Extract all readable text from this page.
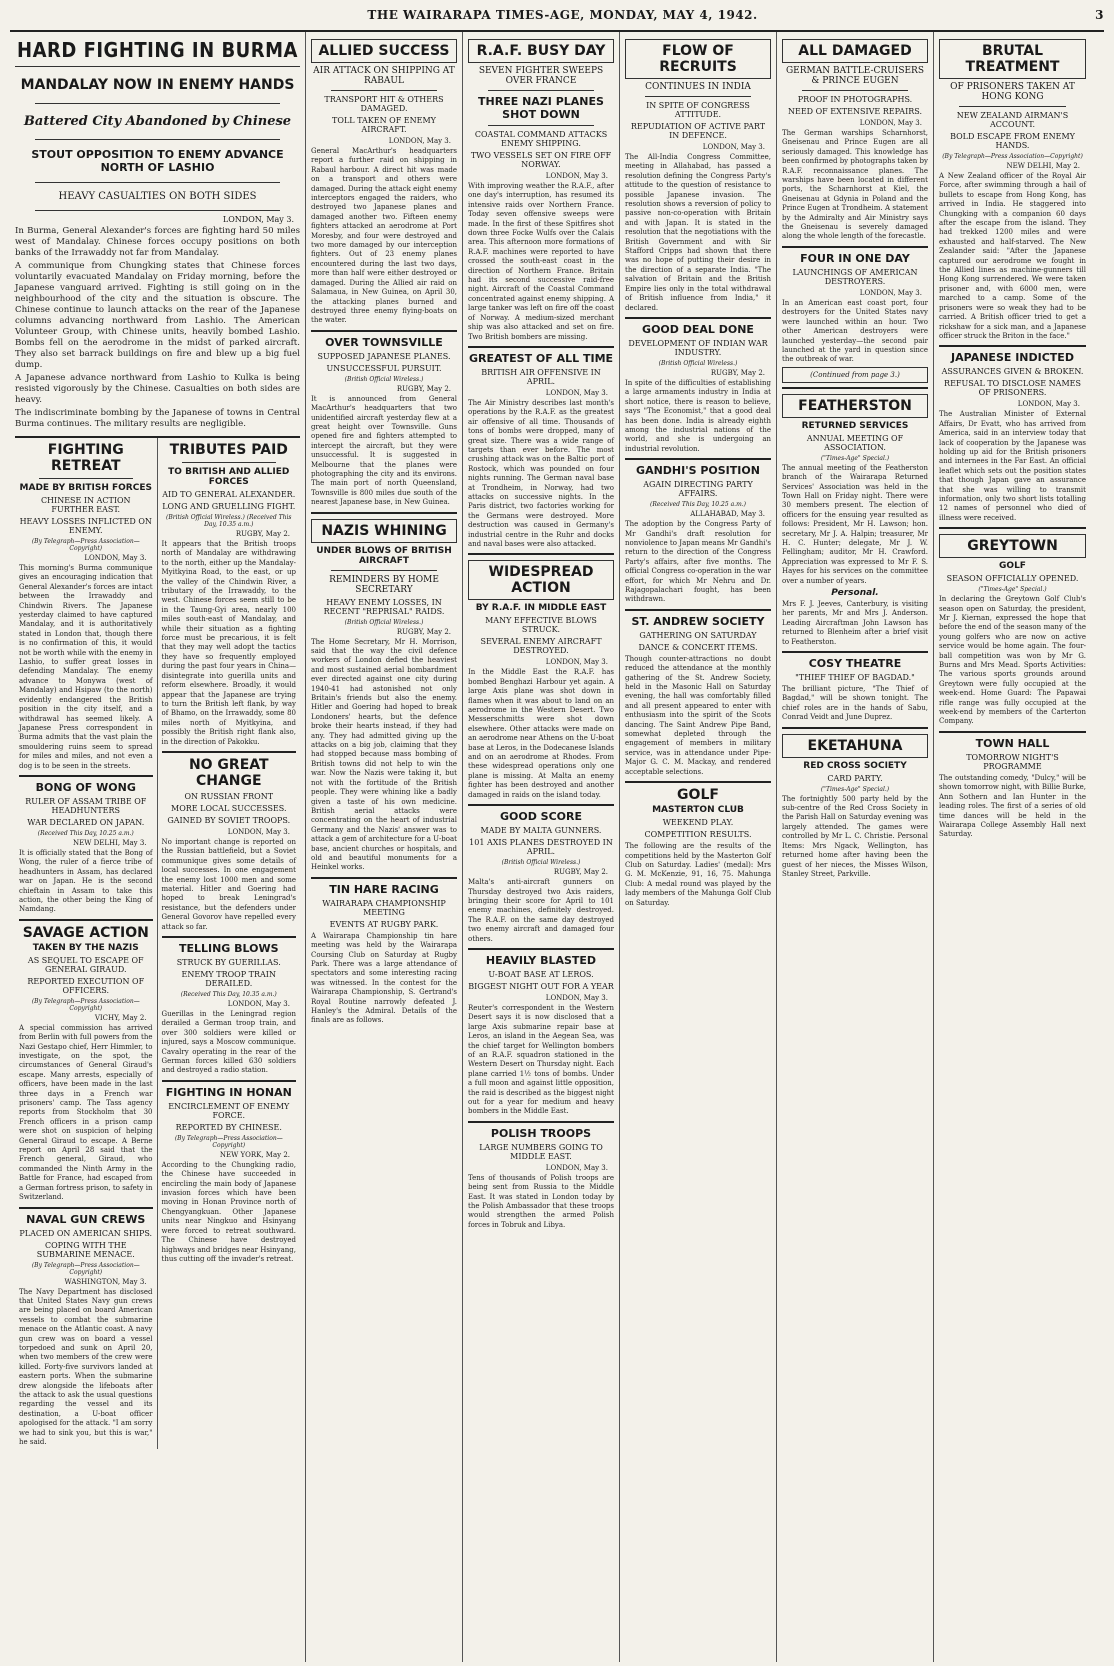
THE WAIRARAPA TIMES-AGE, MONDAY, MAY 4, 1942.	3
HARD FIGHTING IN BURMA
MANDALAY NOW IN ENEMY HANDS
Battered City Abandoned by Chinese
STOUT OPPOSITION TO ENEMY ADVANCE NORTH OF LASHIO
HEAVY CASUALTIES ON BOTH SIDES
LONDON, May 3.

In Burma, General Alexander's forces are fighting hard 50 miles west of Mandalay. Chinese forces occupy positions on both banks of the Irrawaddy not far from Mandalay.

A communique from Chungking states that Chinese forces voluntarily evacuated Mandalay on Friday morning, before the Japanese vanguard arrived. Fighting is still going on in the neighbourhood of the city and the situation is obscure. The Chinese continue to launch attacks on the rear of the Japanese columns advancing northward from Lashio. The American Volunteer Group, with Chinese units, heavily bombed Lashio. Bombs fell on the aerodrome in the midst of parked aircraft. They also set barrack buildings on fire and blew up a big fuel dump.

A Japanese advance northward from Lashio to Kulka is being resisted vigorously by the Chinese. Casualties on both sides are heavy.

The indiscriminate bombing by the Japanese of towns in Central Burma continues. The military results are negligible.

FIGHTING RETREAT
MADE BY BRITISH FORCES
CHINESE IN ACTION FURTHER EAST.
HEAVY LOSSES INFLICTED ON ENEMY.
(By Telegraph—Press Association—Copyright)
LONDON, May 3.

This morning's Burma communique gives an encouraging indication that General Alexander's forces are intact between the Irrawaddy and Chindwin Rivers. The Japanese yesterday claimed to have captured Mandalay, and it is authoritatively stated in London that, though there is no confirmation of this, it would not be worth while with the enemy in Lashio, to suffer great losses in defending Mandalay. The enemy advance to Monywa (west of Mandalay) and Hsipaw (to the north) evidently endangered the British position in the city itself, and a withdrawal has seemed likely. A Japanese Press correspondent in Burma admits that the vast plain the smouldering ruins seem to spread for miles and miles, and not even a dog is to be seen in the streets.

BONG OF WONG
RULER OF ASSAM TRIBE OF HEADHUNTERS
WAR DECLARED ON JAPAN.
(Received This Day, 10.25 a.m.)
NEW DELHI, May 3.

It is officially stated that the Bong of Wong, the ruler of a fierce tribe of headhunters in Assam, has declared war on Japan. He is the second chieftain in Assam to take this action, the other being the King of Namdang.

SAVAGE ACTION
TAKEN BY THE NAZIS
AS SEQUEL TO ESCAPE OF GENERAL GIRAUD.
REPORTED EXECUTION OF OFFICERS.
(By Telegraph—Press Association—Copyright)
VICHY, May 2.

A special commission has arrived from Berlin with full powers from the Nazi Gestapo chief, Herr Himmler, to investigate, on the spot, the circumstances of General Giraud's escape. Many arrests, especially of officers, have been made in the last three days in a French war prisoners' camp. The Tass agency reports from Stockholm that 30 French officers in a prison camp were shot on suspicion of helping General Giraud to escape. A Berne report on April 28 said that the French general, Giraud, who commanded the Ninth Army in the Battle for France, had escaped from a German fortress prison, to safety in Switzerland.

NAVAL GUN CREWS
PLACED ON AMERICAN SHIPS.
COPING WITH THE SUBMARINE MENACE.
(By Telegraph—Press Association—Copyright)
WASHINGTON, May 3.

The Navy Department has disclosed that United States Navy gun crews are being placed on board American vessels to combat the submarine menace on the Atlantic coast. A navy gun crew was on board a vessel torpedoed and sunk on April 20, when two members of the crew were killed. Forty-five survivors landed at eastern ports. When the submarine drew alongside the lifeboats after the attack to ask the usual questions regarding the vessel and its destination, a U-boat officer apologised for the attack. "I am sorry we had to sink you, but this is war," he said.

TRIBUTES PAID
TO BRITISH AND ALLIED FORCES
AID TO GENERAL ALEXANDER.
LONG AND GRUELLING FIGHT.
(British Official Wireless.) (Received This Day, 10.35 a.m.)
RUGBY, May 2.

It appears that the British troops north of Mandalay are withdrawing to the north, either up the Mandalay-Myitkyina Road, to the east, or up the valley of the Chindwin River, a tributary of the Irrawaddy, to the west. Chinese forces seem still to be in the Taung-Gyi area, nearly 100 miles south-east of Mandalay, and while their situation as a fighting force must be precarious, it is felt that they may well adopt the tactics they have so frequently employed during the past four years in China—disintegrate into guerilla units and reform elsewhere. Broadly, it would appear that the Japanese are trying to turn the British left flank, by way of Bhamo, on the Irrawaddy, some 80 miles north of Myitkyina, and possibly the British right flank also, in the direction of Pakokku.

NO GREAT CHANGE
ON RUSSIAN FRONT
MORE LOCAL SUCCESSES.
GAINED BY SOVIET TROOPS.
LONDON, May 3.

No important change is reported on the Russian battlefield, but a Soviet communique gives some details of local successes. In one engagement the enemy lost 1000 men and some material. Hitler and Goering had hoped to break Leningrad's resistance, but the defenders under General Govorov have repelled every attack so far.

TELLING BLOWS
STRUCK BY GUERILLAS.
ENEMY TROOP TRAIN DERAILED.
(Received This Day, 10.35 a.m.)
LONDON, May 3.

Guerillas in the Leningrad region derailed a German troop train, and over 300 soldiers were killed or injured, says a Moscow communique. Cavalry operating in the rear of the German forces killed 630 soldiers and destroyed a radio station.

FIGHTING IN HONAN
ENCIRCLEMENT OF ENEMY FORCE.
REPORTED BY CHINESE.
(By Telegraph—Press Association—Copyright)
NEW YORK, May 2.

According to the Chungking radio, the Chinese have succeeded in encircling the main body of Japanese invasion forces which have been moving in Honan Province north of Chengyangkuan. Other Japanese units near Ningkuo and Hsinyang were forced to retreat southward. The Chinese have destroyed highways and bridges near Hsinyang, thus cutting off the invader's retreat.

ALLIED SUCCESS
AIR ATTACK ON SHIPPING AT RABAUL
TRANSPORT HIT & OTHERS DAMAGED.
TOLL TAKEN OF ENEMY AIRCRAFT.
LONDON, May 3.

General MacArthur's headquarters report a further raid on shipping in Rabaul harbour. A direct hit was made on a transport and others were damaged. During the attack eight enemy interceptors engaged the raiders, who destroyed two Japanese planes and damaged another two. Fifteen enemy fighters attacked an aerodrome at Port Moresby, and four were destroyed and two more damaged by our interception fighters. Out of 23 enemy planes encountered during the last two days, more than half were either destroyed or damaged. During the Allied air raid on Salamaua, in New Guinea, on April 30, the attacking planes burned and destroyed three enemy flying-boats on the water.

OVER TOWNSVILLE
SUPPOSED JAPANESE PLANES.
UNSUCCESSFUL PURSUIT.
(British Official Wireless.)
RUGBY, May 2.

It is announced from General MacArthur's headquarters that two unidentified aircraft yesterday flew at a great height over Townsville. Guns opened fire and fighters attempted to intercept the aircraft, but they were unsuccessful. It is suggested in Melbourne that the planes were photographing the city and its environs. The main port of north Queensland, Townsville is 800 miles due south of the nearest Japanese base, in New Guinea.

NAZIS WHINING
UNDER BLOWS OF BRITISH AIRCRAFT
REMINDERS BY HOME SECRETARY
HEAVY ENEMY LOSSES, IN RECENT "REPRISAL" RAIDS.
(British Official Wireless.)
RUGBY, May 2.

The Home Secretary, Mr H. Morrison, said that the way the civil defence workers of London defied the heaviest and most sustained aerial bombardment ever directed against one city during 1940-41 had astonished not only Britain's friends but also the enemy. Hitler and Goering had hoped to break Londoners' hearts, but the defence broke their hearts instead, if they had any. They had admitted giving up the attacks on a big job, claiming that they had stopped because mass bombing of British towns did not help to win the war. Now the Nazis were taking it, but not with the fortitude of the British people. They were whining like a badly given a taste of his own medicine. British aerial attacks were concentrating on the heart of industrial Germany and the Nazis' answer was to attack a gem of architecture for a U-boat base, ancient churches or hospitals, and old and beautiful monuments for a Heinkel works.

TIN HARE RACING
WAIRARAPA CHAMPIONSHIP MEETING
EVENTS AT RUGBY PARK.

A Wairarapa Championship tin hare meeting was held by the Wairarapa Coursing Club on Saturday at Rugby Park. There was a large attendance of spectators and some interesting racing was witnessed. In the contest for the Wairarapa Championship, S. Gertrand's Royal Routine narrowly defeated J. Hanley's the Admiral. Details of the finals are as follows.

R.A.F. BUSY DAY
SEVEN FIGHTER SWEEPS OVER FRANCE
THREE NAZI PLANES SHOT DOWN
COASTAL COMMAND ATTACKS ENEMY SHIPPING.
TWO VESSELS SET ON FIRE OFF NORWAY.
LONDON, May 3.

With improving weather the R.A.F., after one day's interruption, has resumed its intensive raids over Northern France. Today seven offensive sweeps were made. In the first of these Spitfires shot down three Focke Wulfs over the Calais area. This afternoon more formations of R.A.F. machines were reported to have crossed the south-east coast in the direction of Northern France. Britain had its second successive raid-free night. Aircraft of the Coastal Command concentrated against enemy shipping. A large tanker was left on fire off the coast of Norway. A medium-sized merchant ship was also attacked and set on fire. Two British bombers are missing.

GREATEST OF ALL TIME
BRITISH AIR OFFENSIVE IN APRIL.
LONDON, May 3.

The Air Ministry describes last month's operations by the R.A.F. as the greatest air offensive of all time. Thousands of tons of bombs were dropped, many of great size. There was a wide range of targets than ever before. The most crushing attack was on the Baltic port of Rostock, which was pounded on four nights running. The German naval base at Trondheim, in Norway, had two attacks on successive nights. In the Paris district, two factories working for the Germans were destroyed. More destruction was caused in Germany's industrial centre in the Ruhr and docks and naval bases were also attacked.

WIDESPREAD ACTION
BY R.A.F. IN MIDDLE EAST
MANY EFFECTIVE BLOWS STRUCK.
SEVERAL ENEMY AIRCRAFT DESTROYED.
LONDON, May 3.

In the Middle East the R.A.F. has bombed Benghazi Harbour yet again. A large Axis plane was shot down in flames when it was about to land on an aerodrome in the Western Desert. Two Messerschmitts were shot down elsewhere. Other attacks were made on an aerodrome near Athens on the U-boat base at Leros, in the Dodecanese Islands and on an aerodrome at Rhodes. From these widespread operations only one plane is missing. At Malta an enemy fighter has been destroyed and another damaged in raids on the island today.

GOOD SCORE
MADE BY MALTA GUNNERS.
101 AXIS PLANES DESTROYED IN APRIL.
(British Official Wireless.)
RUGBY, May 2.

Malta's anti-aircraft gunners on Thursday destroyed two Axis raiders, bringing their score for April to 101 enemy machines, definitely destroyed. The R.A.F. on the same day destroyed two enemy aircraft and damaged four others.

HEAVILY BLASTED
U-BOAT BASE AT LEROS.
BIGGEST NIGHT OUT FOR A YEAR
LONDON, May 3.

Reuter's correspondent in the Western Desert says it is now disclosed that a large Axis submarine repair base at Leros, an island in the Aegean Sea, was the chief target for Wellington bombers of an R.A.F. squadron stationed in the Western Desert on Thursday night. Each plane carried 1½ tons of bombs. Under a full moon and against little opposition, the raid is described as the biggest night out for a year for medium and heavy bombers in the Middle East.

POLISH TROOPS
LARGE NUMBERS GOING TO MIDDLE EAST.
LONDON, May 3.

Tens of thousands of Polish troops are being sent from Russia to the Middle East. It was stated in London today by the Polish Ambassador that these troops would strengthen the armed Polish forces in Tobruk and Libya.

FLOW OF RECRUITS
CONTINUES IN INDIA
IN SPITE OF CONGRESS ATTITUDE.
REPUDIATION OF ACTIVE PART IN DEFENCE.
LONDON, May 3.

The All-India Congress Committee, meeting in Allahabad, has passed a resolution defining the Congress Party's attitude to the question of resistance to possible Japanese invasion. The resolution shows a reversion of policy to passive non-co-operation with Britain and with Japan. It is stated in the resolution that the negotiations with the British Government and with Sir Stafford Cripps had shown that there was no hope of putting their desire in the direction of a separate India. "The salvation of Britain and the British Empire lies only in the total withdrawal of British influence from India," it declared.

GOOD DEAL DONE
DEVELOPMENT OF INDIAN WAR INDUSTRY.
(British Official Wireless.)
RUGBY, May 2.

In spite of the difficulties of establishing a large armaments industry in India at short notice, there is reason to believe, says "The Economist," that a good deal has been done. India is already eighth among the industrial nations of the world, and she is undergoing an industrial revolution.

GANDHI'S POSITION
AGAIN DIRECTING PARTY AFFAIRS.
(Received This Day, 10.25 a.m.)
ALLAHABAD, May 3.

The adoption by the Congress Party of Mr Gandhi's draft resolution for nonviolence to Japan means Mr Gandhi's return to the direction of the Congress Party's affairs, after five months. The official Congress co-operation in the war effort, for which Mr Nehru and Dr. Rajagopalachari fought, has been withdrawn.

ST. ANDREW SOCIETY
GATHERING ON SATURDAY
DANCE & CONCERT ITEMS.

Though counter-attractions no doubt reduced the attendance at the monthly gathering of the St. Andrew Society, held in the Masonic Hall on Saturday evening, the hall was comfortably filled and all present appeared to enter with enthusiasm into the spirit of the Scots dancing. The Saint Andrew Pipe Band, somewhat depleted through the engagement of members in military service, was in attendance under Pipe-Major G. C. M. Mackay, and rendered acceptable selections.

GOLF
MASTERTON CLUB
WEEKEND PLAY.
COMPETITION RESULTS.

The following are the results of the competitions held by the Masterton Golf Club on Saturday. Ladies' (medal): Mrs G. M. McKenzie, 91, 16, 75. Mahunga Club: A medal round was played by the lady members of the Mahunga Golf Club on Saturday.

ALL DAMAGED
GERMAN BATTLE-CRUISERS & PRINCE EUGEN
PROOF IN PHOTOGRAPHS.
NEED OF EXTENSIVE REPAIRS.
LONDON, May 3.

The German warships Scharnhorst, Gneisenau and Prince Eugen are all seriously damaged. This knowledge has been confirmed by photographs taken by R.A.F. reconnaissance planes. The warships have been located in different ports, the Scharnhorst at Kiel, the Gneisenau at Gdynia in Poland and the Prince Eugen at Trondheim. A statement by the Admiralty and Air Ministry says the Gneisenau is severely damaged along the whole length of the forecastle.

FOUR IN ONE DAY
LAUNCHINGS OF AMERICAN DESTROYERS.
LONDON, May 3.

In an American east coast port, four destroyers for the United States navy were launched within an hour. Two other American destroyers were launched yesterday—the second pair launched at the yard in question since the outbreak of war.

(Continued from page 3.)
FEATHERSTON
RETURNED SERVICES
ANNUAL MEETING OF ASSOCIATION.
("Times-Age" Special.)

The annual meeting of the Featherston branch of the Wairarapa Returned Services' Association was held in the Town Hall on Friday night. There were 30 members present. The election of officers for the ensuing year resulted as follows: President, Mr H. Lawson; hon. secretary, Mr J. A. Halpin; treasurer, Mr H. C. Hunter; delegate, Mr J. W. Fellingham; auditor, Mr H. Crawford. Appreciation was expressed to Mr F. S. Hayes for his services on the committee over a number of years.

Personal.

Mrs F. J. Jeeves, Canterbury, is visiting her parents, Mr and Mrs J. Anderson. Leading Aircraftman John Lawson has returned to Blenheim after a brief visit to Featherston.

COSY THEATRE
"THIEF THIEF OF BAGDAD."

The brilliant picture, "The Thief of Bagdad," will be shown tonight. The chief roles are in the hands of Sabu, Conrad Veidt and June Duprez.

EKETAHUNA
RED CROSS SOCIETY
CARD PARTY.
("Times-Age" Special.)

The fortnightly 500 party held by the sub-centre of the Red Cross Society in the Parish Hall on Saturday evening was largely attended. The games were controlled by Mr L. C. Christie. Personal Items: Mrs Ngack, Wellington, has returned home after having been the guest of her nieces, the Misses Wilson, Stanley Street, Parkville.

BRUTAL TREATMENT
OF PRISONERS TAKEN AT HONG KONG
NEW ZEALAND AIRMAN'S ACCOUNT.
BOLD ESCAPE FROM ENEMY HANDS.
(By Telegraph—Press Association—Copyright)
NEW DELHI, May 2.

A New Zealand officer of the Royal Air Force, after swimming through a hail of bullets to escape from Hong Kong, has arrived in India. He staggered into Chungking with a companion 60 days after the escape from the island. They had trekked 1200 miles and were exhausted and half-starved. The New Zealander said: "After the Japanese captured our aerodrome we fought in the Allied lines as machine-gunners till Hong Kong surrendered. We were taken prisoner and, with 6000 men, were marched to a camp. Some of the prisoners were so weak they had to be carried. A British officer tried to get a rickshaw for a sick man, and a Japanese officer struck the Briton in the face."

JAPANESE INDICTED
ASSURANCES GIVEN & BROKEN.
REFUSAL TO DISCLOSE NAMES OF PRISONERS.
LONDON, May 3.

The Australian Minister of External Affairs, Dr Evatt, who has arrived from America, said in an interview today that lack of cooperation by the Japanese was holding up aid for the British prisoners and internees in the Far East. An official leaflet which sets out the position states that though Japan gave an assurance that she was willing to transmit information, only two short lists totalling 12 names of personnel who died of illness were received.

GREYTOWN
GOLF
SEASON OFFICIALLY OPENED.
("Times-Age" Special.)

In declaring the Greytown Golf Club's season open on Saturday, the president, Mr J. Kiernan, expressed the hope that before the end of the season many of the young golfers who are now on active service would be home again. The four-ball competition was won by Mr G. Burns and Mrs Mead. Sports Activities: The various sports grounds around Greytown were fully occupied at the week-end. Home Guard: The Papawai rifle range was fully occupied at the week-end by members of the Carterton Company.

TOWN HALL
TOMORROW NIGHT'S PROGRAMME

The outstanding comedy, "Dulcy," will be shown tomorrow night, with Billie Burke, Ann Sothern and Ian Hunter in the leading roles. The first of a series of old time dances will be held in the Wairarapa College Assembly Hall next Saturday.
